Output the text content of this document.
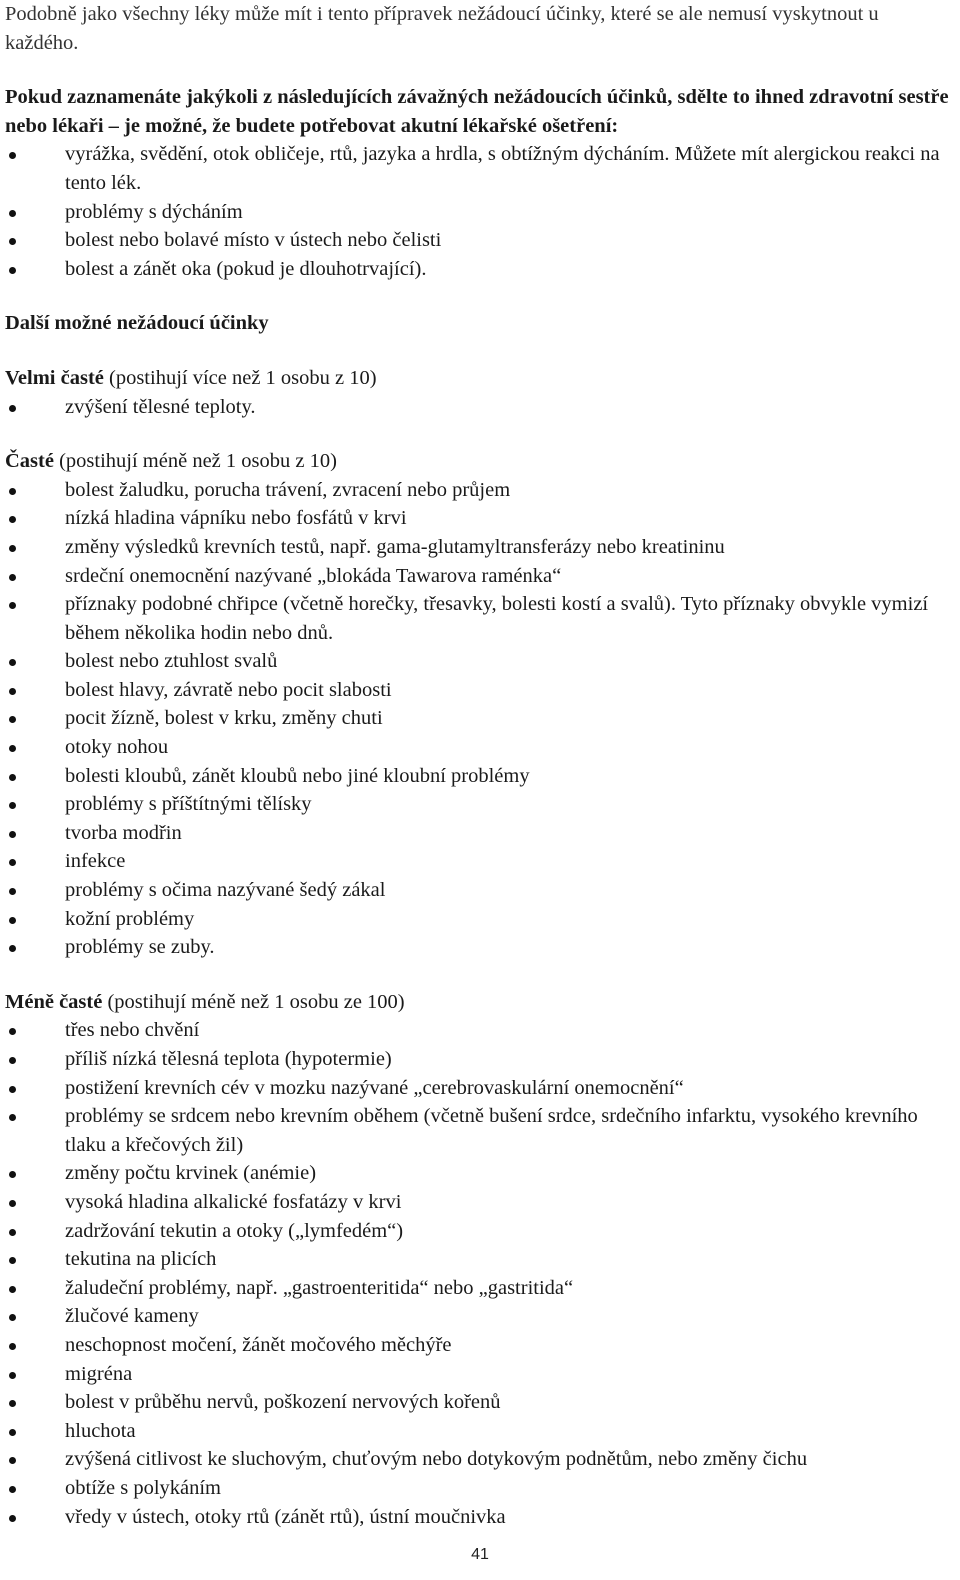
Podobně jako všechny léky může mít i tento přípravek nežádoucí účinky, které se ale nemusí vyskytnout u každého.

Pokud zaznamenáte jakýkoli z následujících závažných nežádoucích účinků, sdělte to ihned zdravotní sestře nebo lékaři – je možné, že budete potřebovat akutní lékařské ošetření:

vyrážka, svědění, otok obličeje, rtů, jazyka a hrdla, s obtížným dýcháním. Můžete mít alergickou reakci na tento lék.
problémy s dýcháním
bolest nebo bolavé místo v ústech nebo čelisti
bolest a zánět oka (pokud je dlouhotrvající).

Další možné nežádoucí účinky

Velmi časté (postihují více než 1 osobu z 10)

zvýšení tělesné teploty.

Časté (postihují méně než 1 osobu z 10)

bolest žaludku, porucha trávení, zvracení nebo průjem
nízká hladina vápníku nebo fosfátů v krvi
změny výsledků krevních testů, např. gama-glutamyltransferázy nebo kreatininu
srdeční onemocnění nazývané „blokáda Tawarova raménka“
příznaky podobné chřipce (včetně horečky, třesavky, bolesti kostí a svalů). Tyto příznaky obvykle vymizí během několika hodin nebo dnů.
bolest nebo ztuhlost svalů
bolest hlavy, závratě nebo pocit slabosti
pocit žízně, bolest v krku, změny chuti
otoky nohou
bolesti kloubů, zánět kloubů nebo jiné kloubní problémy
problémy s příštítnými tělísky
tvorba modřin
infekce
problémy s očima nazývané šedý zákal
kožní problémy
problémy se zuby.

Méně časté (postihují méně než 1 osobu ze 100)

třes nebo chvění
příliš nízká tělesná teplota (hypotermie)
postižení krevních cév v mozku nazývané „cerebrovaskulární onemocnění“
problémy se srdcem nebo krevním oběhem (včetně bušení srdce, srdečního infarktu, vysokého krevního tlaku a křečových žil)
změny počtu krvinek (anémie)
vysoká hladina alkalické fosfatázy v krvi
zadržování tekutin a otoky („lymfedém“)
tekutina na plicích
žaludeční problémy, např. „gastroenteritida“ nebo „gastritida“
žlučové kameny
neschopnost močení, žánět močového měchýře
migréna
bolest v průběhu nervů, poškození nervových kořenů
hluchota
zvýšená citlivost ke sluchovým, chuťovým nebo dotykovým podnětům, nebo změny čichu
obtíže s polykáním
vředy v ústech, otoky rtů (zánět rtů), ústní moučnivka
41
